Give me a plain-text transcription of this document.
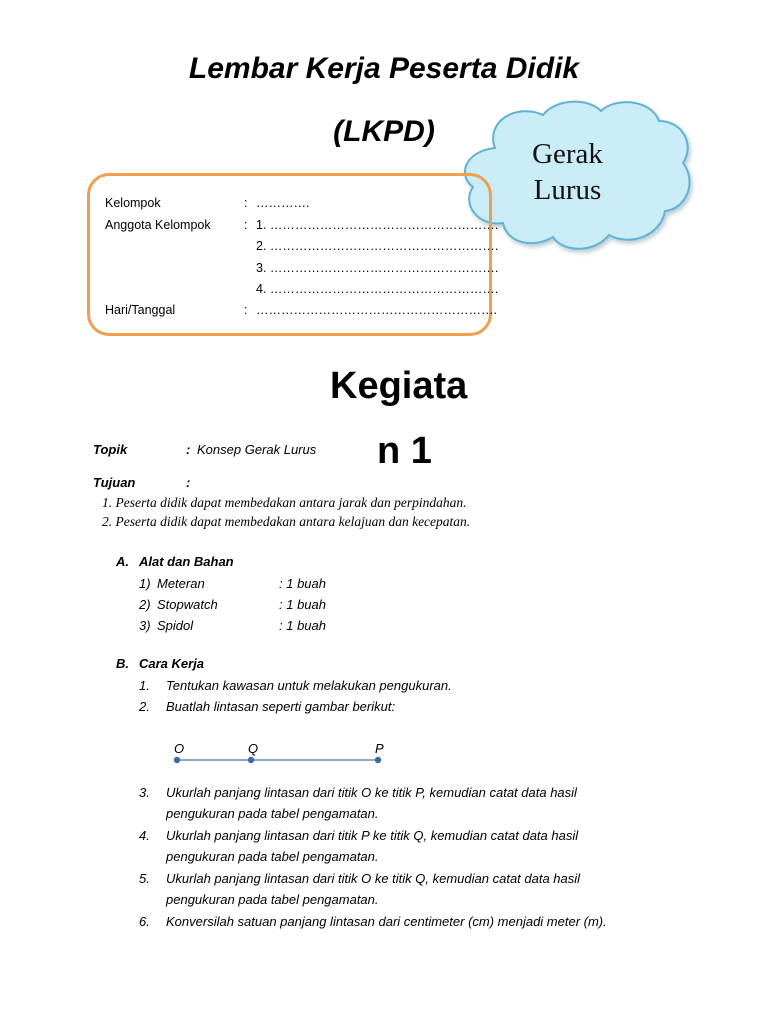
Lembar Kerja Peserta Didik
(LKPD)
Gerak
Lurus
Kelompok	: ………….
Anggota Kelompok	: 1. ……………………………………………….
2. ……………………………………………….
3. ……………………………………………….
4. ……………………………………………….
Hari/Tanggal	: ………………………………………………….
Kegiata
n 1
Topik	: Konsep Gerak Lurus
Tujuan	:
1. Peserta didik dapat membedakan antara jarak dan perpindahan.
2. Peserta didik dapat membedakan antara kelajuan dan kecepatan.
A. Alat dan Bahan
1) Meteran	: 1 buah
2) Stopwatch	: 1 buah
3) Spidol	: 1 buah
B. Cara Kerja
1. Tentukan kawasan untuk melakukan pengukuran.
2. Buatlah lintasan seperti gambar berikut:
O	Q	P
3. Ukurlah panjang lintasan dari titik O ke titik P, kemudian catat data hasil
pengukuran pada tabel pengamatan.
4. Ukurlah panjang lintasan dari titik P ke titik Q, kemudian catat data hasil
pengukuran pada tabel pengamatan.
5. Ukurlah panjang lintasan dari titik O ke titik Q, kemudian catat data hasil
pengukuran pada tabel pengamatan.
6. Konversilah satuan panjang lintasan dari centimeter (cm) menjadi meter (m).
